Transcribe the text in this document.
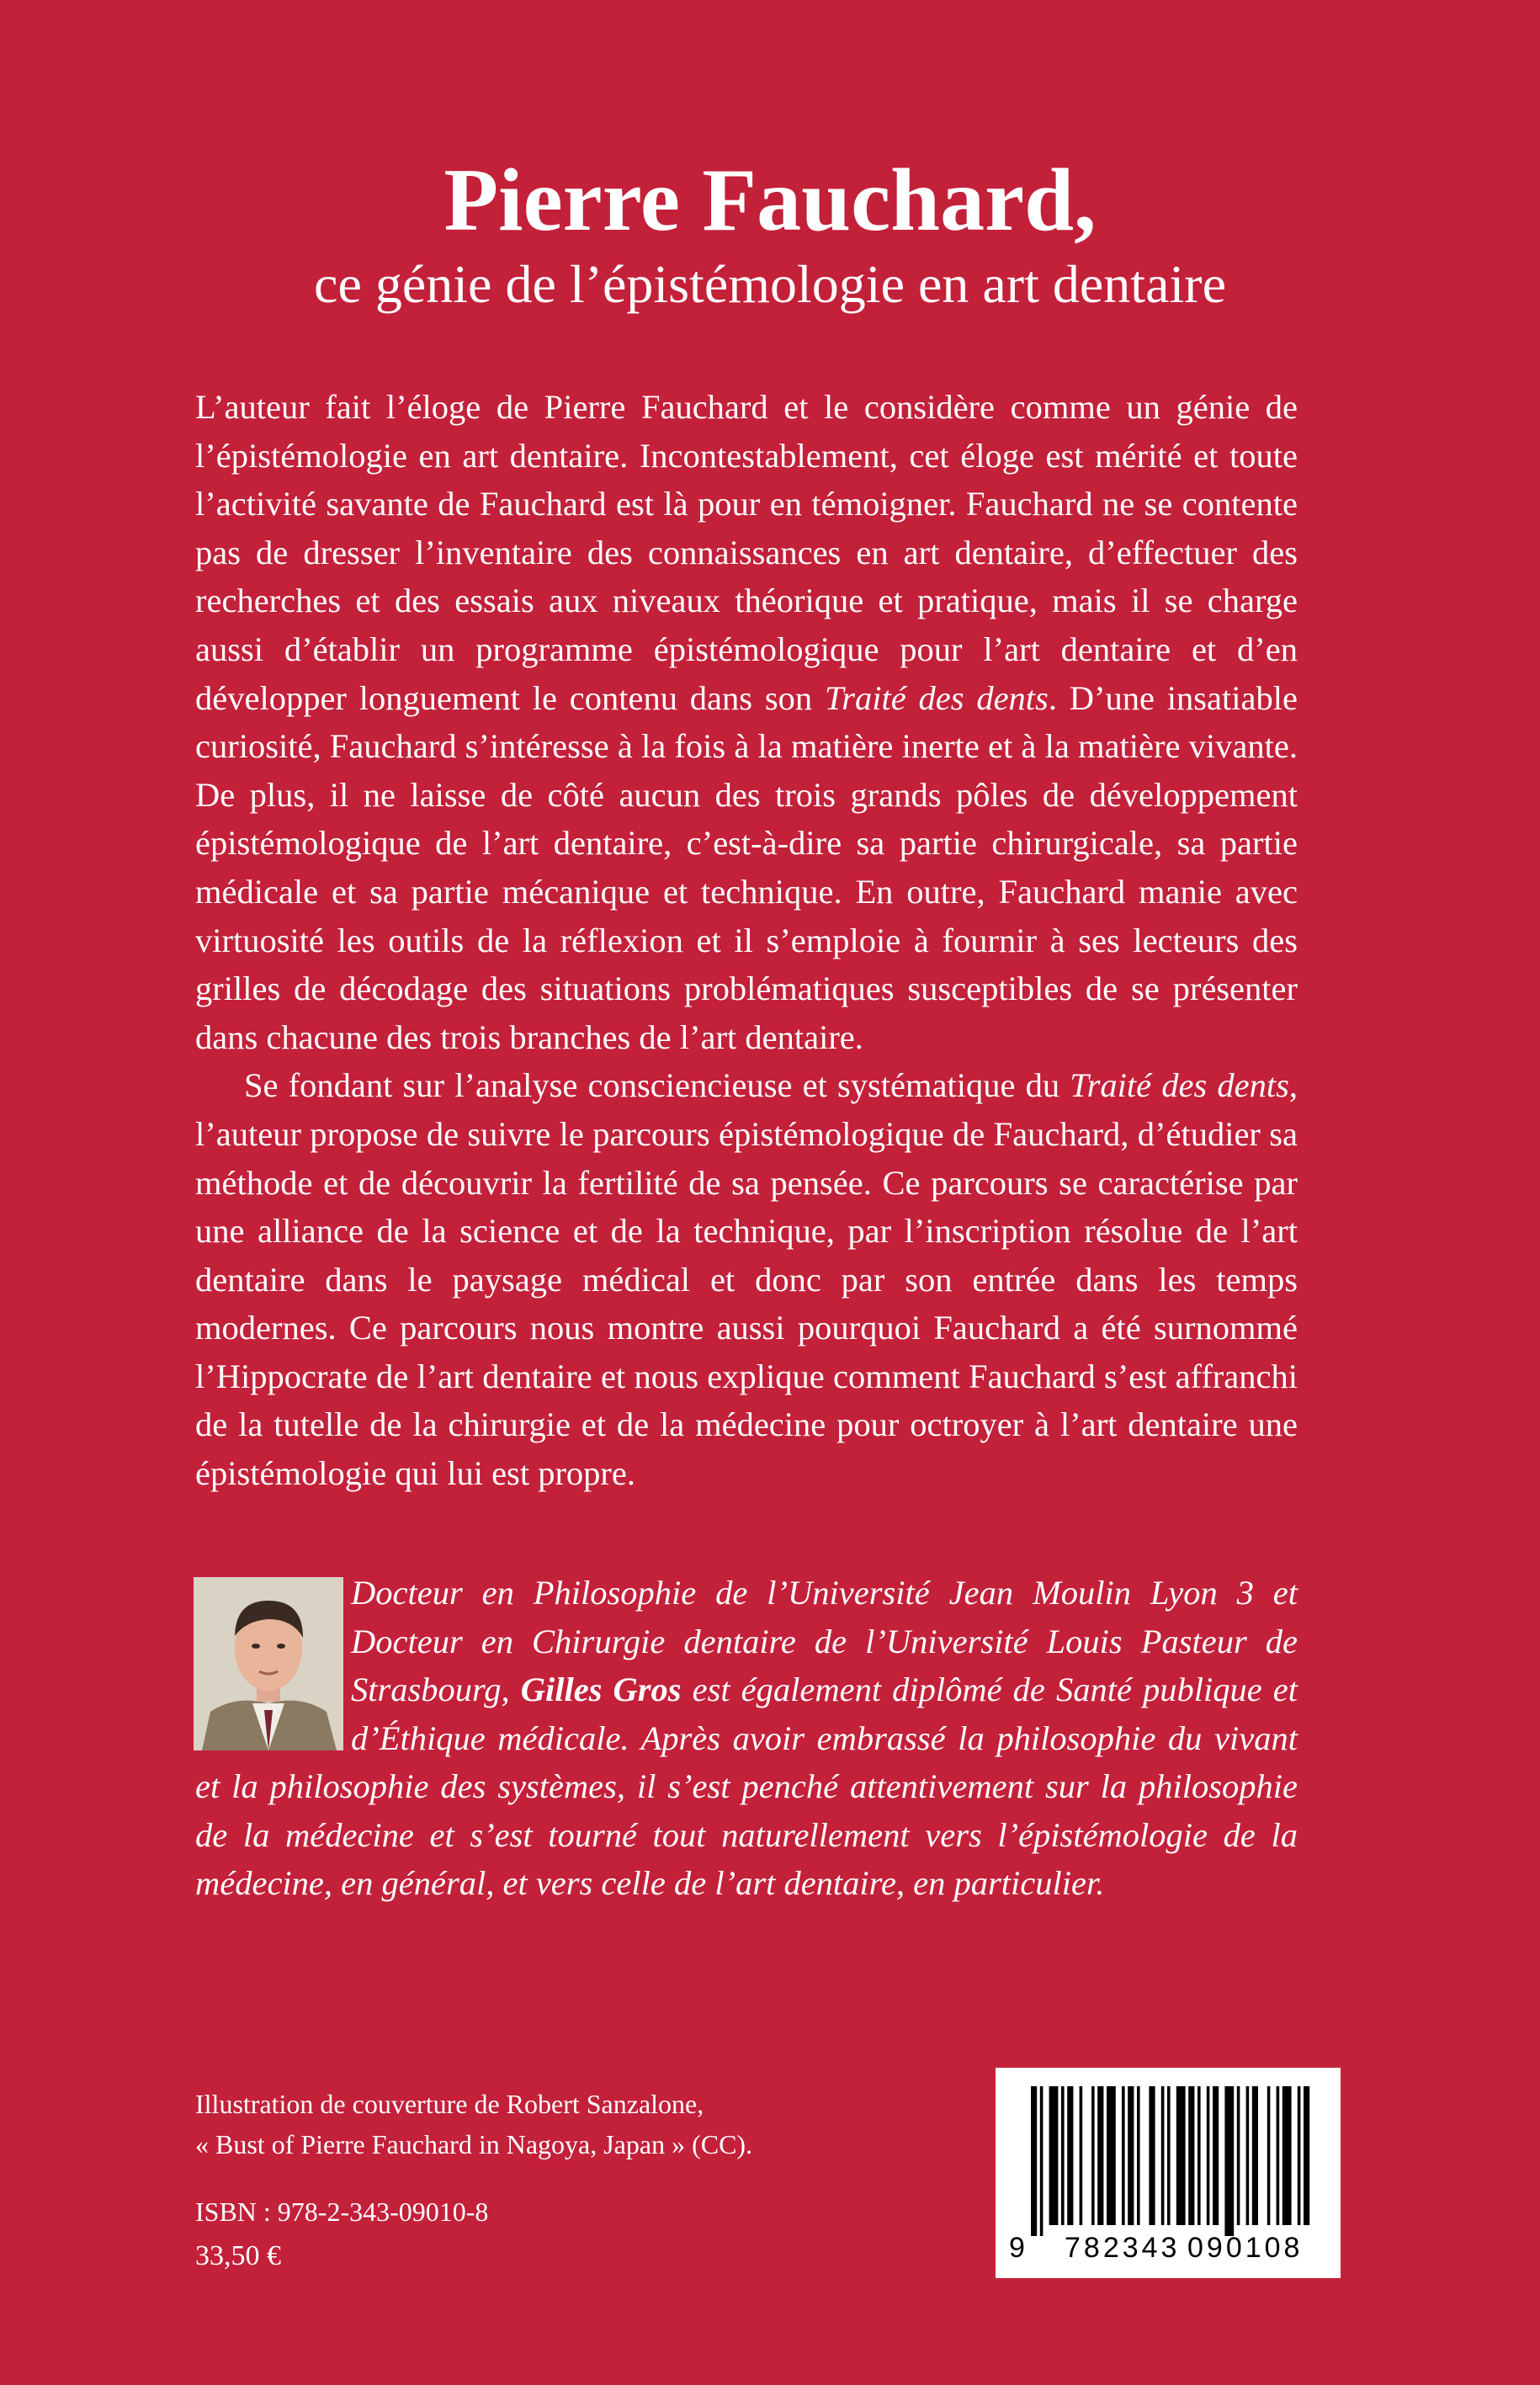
Pierre Fauchard,
ce génie de l’épistémologie en art dentaire

L’auteur fait l’éloge de Pierre Fauchard et le considère comme un génie de l’épistémologie en art dentaire. Incontestablement, cet éloge est mérité et toute l’activité savante de Fauchard est là pour en témoigner. Fauchard ne se contente pas de dresser l’inventaire des connaissances en art dentaire, d’effectuer des recherches et des essais aux niveaux théorique et pratique, mais il se charge aussi d’établir un programme épistémologique pour l’art dentaire et d’en développer longuement le contenu dans son Traité des dents. D’une insatiable curiosité, Fauchard s’intéresse à la fois à la matière inerte et à la matière vivante. De plus, il ne laisse de côté aucun des trois grands pôles de développement épistémologique de l’art dentaire, c’est-à-dire sa partie chirurgicale, sa partie médicale et sa partie mécanique et technique. En outre, Fauchard manie avec virtuosité les outils de la réflexion et il s’emploie à fournir à ses lecteurs des grilles de décodage des situations problématiques susceptibles de se présenter dans chacune des trois branches de l’art dentaire.

Se fondant sur l’analyse consciencieuse et systématique du Traité des dents, l’auteur propose de suivre le parcours épistémologique de Fauchard, d’étudier sa méthode et de découvrir la fertilité de sa pensée. Ce parcours se caractérise par une alliance de la science et de la technique, par l’inscription résolue de l’art dentaire dans le paysage médical et donc par son entrée dans les temps modernes. Ce parcours nous montre aussi pourquoi Fauchard a été surnommé l’Hippocrate de l’art dentaire et nous explique comment Fauchard s’est affranchi de la tutelle de la chirurgie et de la médecine pour octroyer à l’art dentaire une épistémologie qui lui est propre.

Docteur en Philosophie de l’Université Jean Moulin Lyon 3 et Docteur en Chirurgie dentaire de l’Université Louis Pasteur de Strasbourg, Gilles Gros est également diplômé de Santé publique et d’Éthique médicale. Après avoir embrassé la philosophie du vivant et la philosophie des systèmes, il s’est penché attentivement sur la philosophie de la médecine et s’est tourné tout naturellement vers l’épistémologie de la médecine, en général, et vers celle de l’art dentaire, en particulier.
Illustration de couverture de Robert Sanzalone,
« Bust of Pierre Fauchard in Nagoya, Japan » (CC).
ISBN : 978-2-343-09010-8
33,50 €	9 782343 090108
